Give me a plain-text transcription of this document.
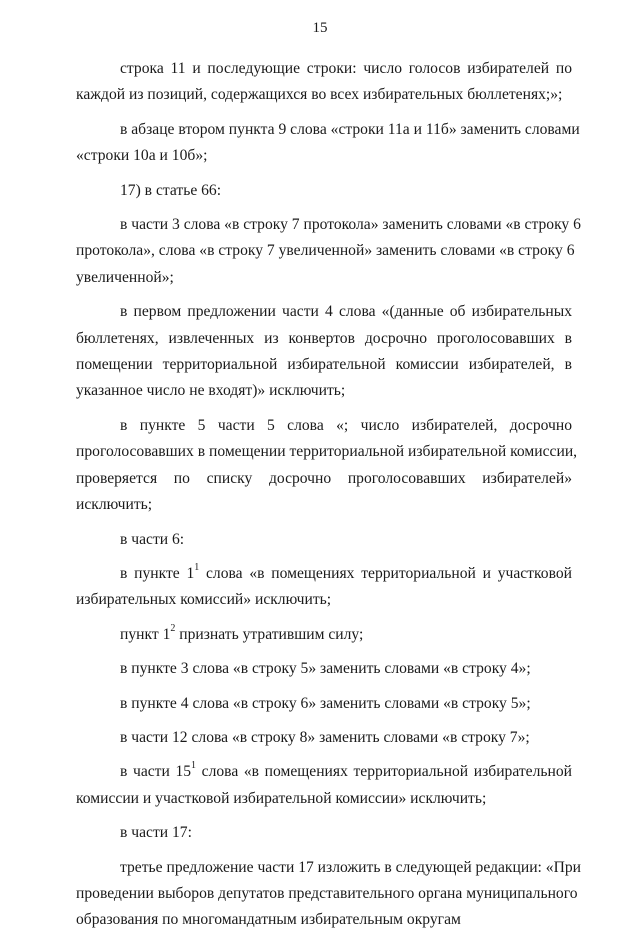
15
строка 11 и последующие строки: число голосов избирателей по
каждой из позиций, содержащихся во всех избирательных бюллетенях;»;
в абзаце втором пункта 9 слова «строки 11а и 11б» заменить словами
«строки 10а и 10б»;
17) в статье 66:
в части 3 слова «в строку 7 протокола» заменить словами «в строку 6
протокола», слова «в строку 7 увеличенной» заменить словами «в строку 6
увеличенной»;
в первом предложении части 4 слова «(данные об избирательных
бюллетенях, извлеченных из конвертов досрочно проголосовавших в
помещении территориальной избирательной комиссии избирателей, в
указанное число не входят)» исключить;
в пункте 5 части 5 слова «; число избирателей, досрочно
проголосовавших в помещении территориальной избирательной комиссии,
проверяется по списку досрочно проголосовавших избирателей»
исключить;
в части 6:
в пункте $1^1$ слова «в помещениях территориальной и участковой
избирательных комиссий» исключить;
пункт $1^2$ признать утратившим силу;
в пункте 3 слова «в строку 5» заменить словами «в строку 4»;
в пункте 4 слова «в строку 6» заменить словами «в строку 5»;
в части 12 слова «в строку 8» заменить словами «в строку 7»;
в части $15^1$ слова «в помещениях территориальной избирательной
комиссии и участковой избирательной комиссии» исключить;
в части 17:
третье предложение части 17 изложить в следующей редакции: «При
проведении выборов депутатов представительного органа муниципального
образования по многомандатным избирательным округам
